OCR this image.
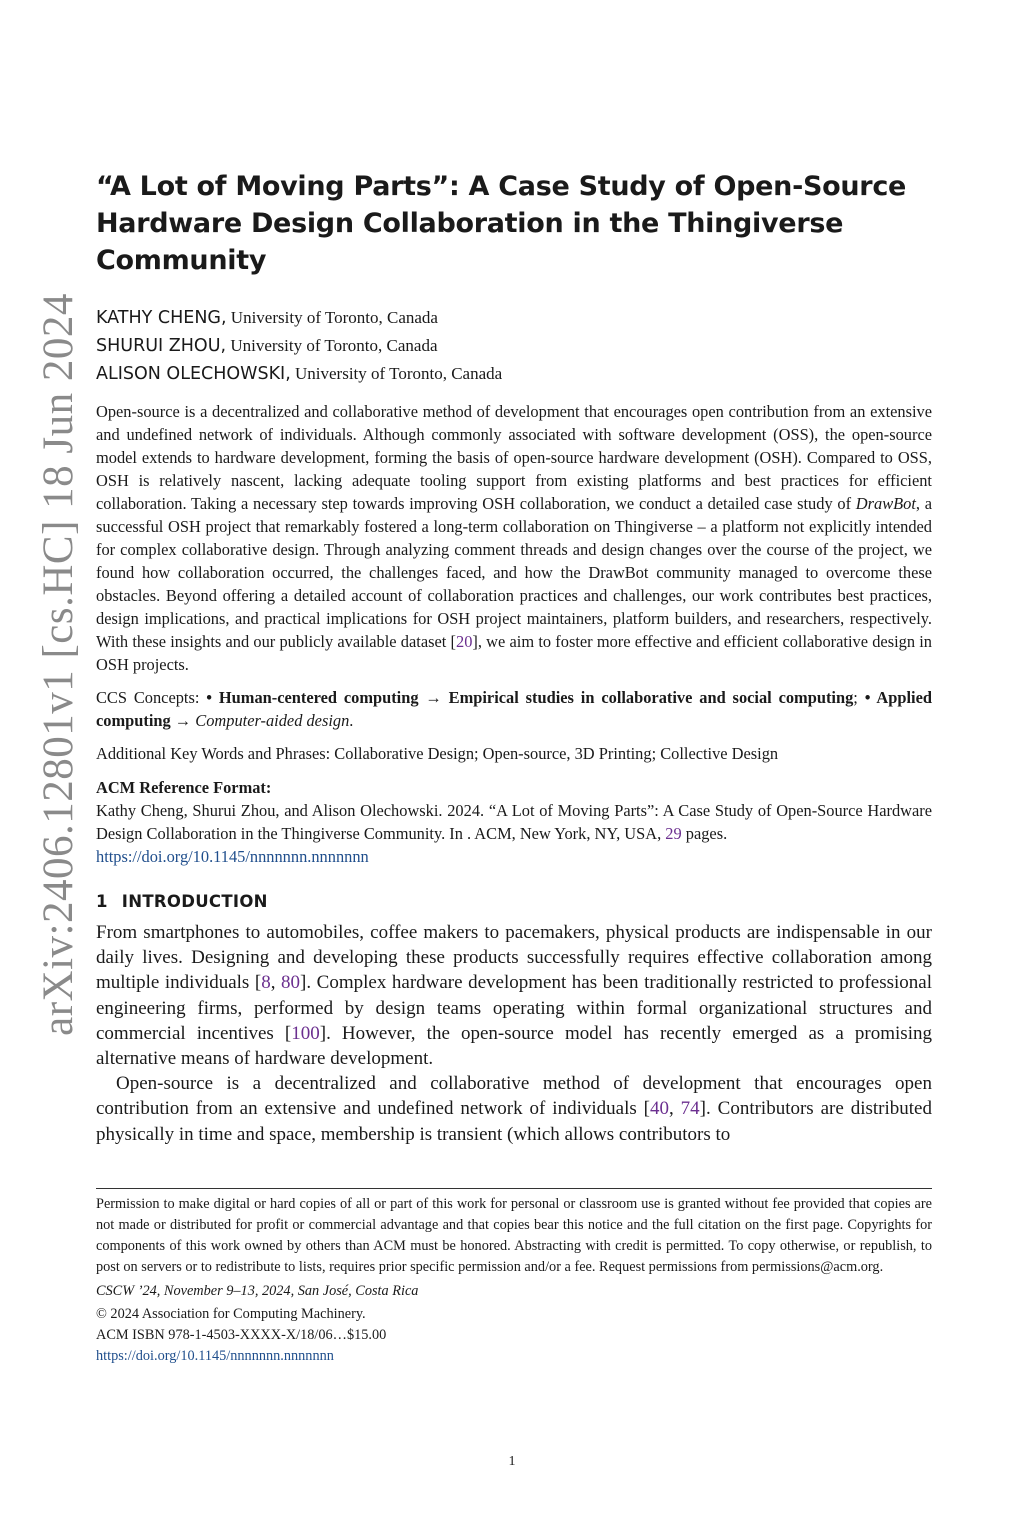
arXiv:2406.12801v1 [cs.HC] 18 Jun 2024
“A Lot of Moving Parts”: A Case Study of Open-Source Hardware Design Collaboration in the Thingiverse Community
KATHY CHENG, University of Toronto, Canada
SHURUI ZHOU, University of Toronto, Canada
ALISON OLECHOWSKI, University of Toronto, Canada
Open-source is a decentralized and collaborative method of development that encourages open contribution from an extensive and undefined network of individuals. Although commonly associated with software development (OSS), the open-source model extends to hardware development, forming the basis of open-source hardware development (OSH). Compared to OSS, OSH is relatively nascent, lacking adequate tooling support from existing platforms and best practices for efficient collaboration. Taking a necessary step towards improving OSH collaboration, we conduct a detailed case study of DrawBot, a successful OSH project that remarkably fostered a long-term collaboration on Thingiverse – a platform not explicitly intended for complex collaborative design. Through analyzing comment threads and design changes over the course of the project, we found how collaboration occurred, the challenges faced, and how the DrawBot community managed to overcome these obstacles. Beyond offering a detailed account of collaboration practices and challenges, our work contributes best practices, design implications, and practical implications for OSH project maintainers, platform builders, and researchers, respectively. With these insights and our publicly available dataset [20], we aim to foster more effective and efficient collaborative design in OSH projects.
CCS Concepts: • Human-centered computing → Empirical studies in collaborative and social computing; • Applied computing → Computer-aided design.
Additional Key Words and Phrases: Collaborative Design; Open-source, 3D Printing; Collective Design
ACM Reference Format:
Kathy Cheng, Shurui Zhou, and Alison Olechowski. 2024. “A Lot of Moving Parts”: A Case Study of Open-Source Hardware Design Collaboration in the Thingiverse Community. In . ACM, New York, NY, USA, 29 pages.
https://doi.org/10.1145/nnnnnnn.nnnnnnn
1 INTRODUCTION

From smartphones to automobiles, coffee makers to pacemakers, physical products are indispensable in our daily lives. Designing and developing these products successfully requires effective collaboration among multiple individuals [8, 80]. Complex hardware development has been traditionally restricted to professional engineering firms, performed by design teams operating within formal organizational structures and commercial incentives [100]. However, the open-source model has recently emerged as a promising alternative means of hardware development.

Open-source is a decentralized and collaborative method of development that encourages open contribution from an extensive and undefined network of individuals [40, 74]. Contributors are distributed physically in time and space, membership is transient (which allows contributors to

Permission to make digital or hard copies of all or part of this work for personal or classroom use is granted without fee provided that copies are not made or distributed for profit or commercial advantage and that copies bear this notice and the full citation on the first page. Copyrights for components of this work owned by others than ACM must be honored. Abstracting with credit is permitted. To copy otherwise, or republish, to post on servers or to redistribute to lists, requires prior specific permission and/or a fee. Request permissions from permissions@acm.org.
CSCW ’24, November 9–13, 2024, San José, Costa Rica
© 2024 Association for Computing Machinery.
ACM ISBN 978-1-4503-XXXX-X/18/06…$15.00
https://doi.org/10.1145/nnnnnnn.nnnnnnn
1
